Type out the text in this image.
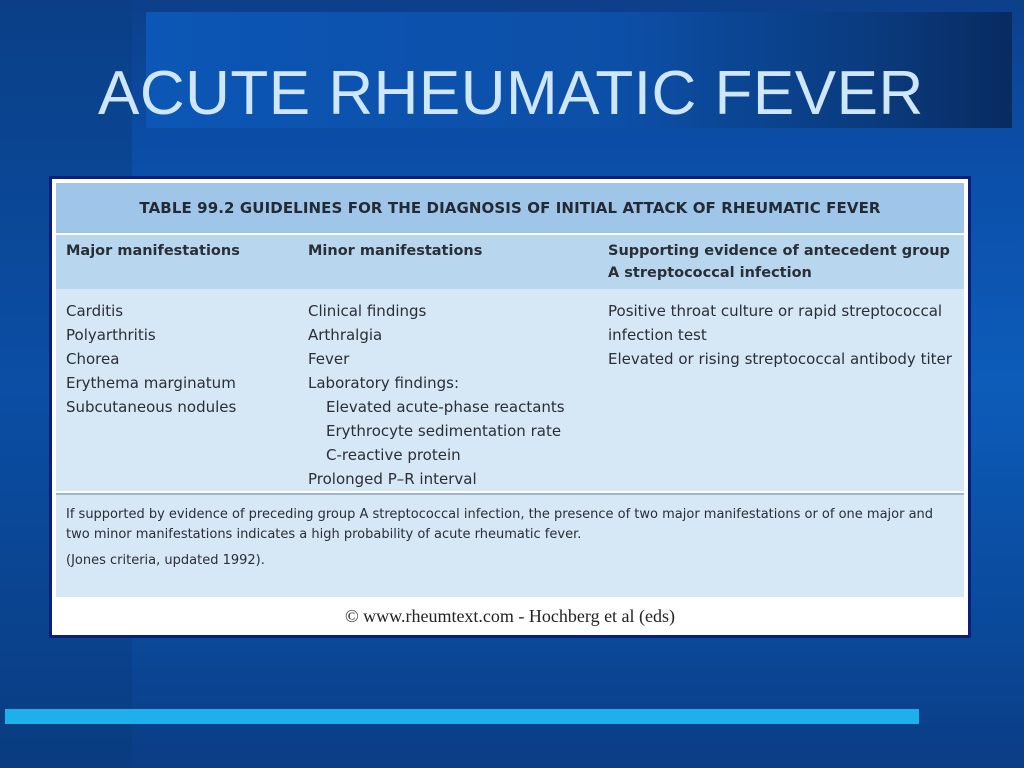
ACUTE RHEUMATIC FEVER
TABLE 99.2 GUIDELINES FOR THE DIAGNOSIS OF INITIAL ATTACK OF RHEUMATIC FEVER
Major manifestations	Minor manifestations	Supporting evidence of antecedent group A streptococcal infection
Carditis
Polyarthritis
Chorea
Erythema marginatum
Subcutaneous nodules
Clinical findings
Arthralgia
Fever
Laboratory findings:
Elevated acute-phase reactants
Erythrocyte sedimentation rate
C-reactive protein
Prolonged P–R interval
Positive throat culture or rapid streptococcal
infection test
Elevated or rising streptococcal antibody titer

If supported by evidence of preceding group A streptococcal infection, the presence of two major manifestations or of one major and two minor manifestations indicates a high probability of acute rheumatic fever.

(Jones criteria, updated 1992).

© www.rheumtext.com - Hochberg et al (eds)
